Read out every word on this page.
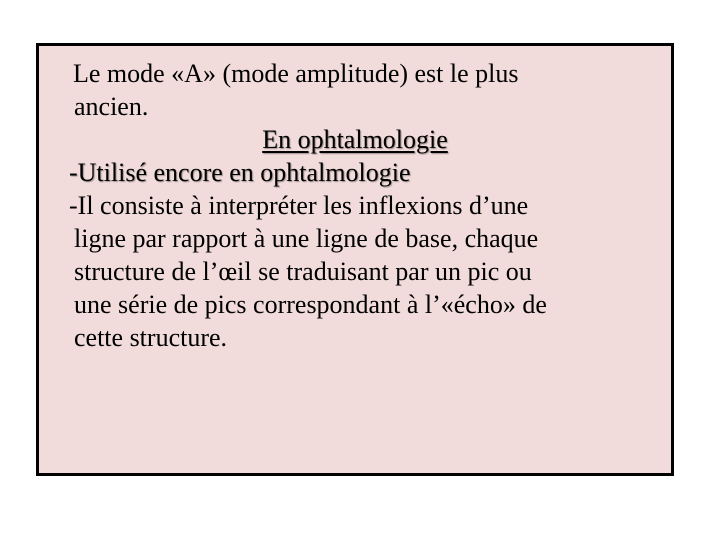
Le mode «A» (mode amplitude) est le plus

ancien.

En ophtalmologie

-Utilisé encore en ophtalmologie

-Il consiste à interpréter les inflexions d’une

ligne par rapport à une ligne de base, chaque

structure de l’œil se traduisant par un pic ou

une série de pics correspondant à l’«écho» de

cette structure.
